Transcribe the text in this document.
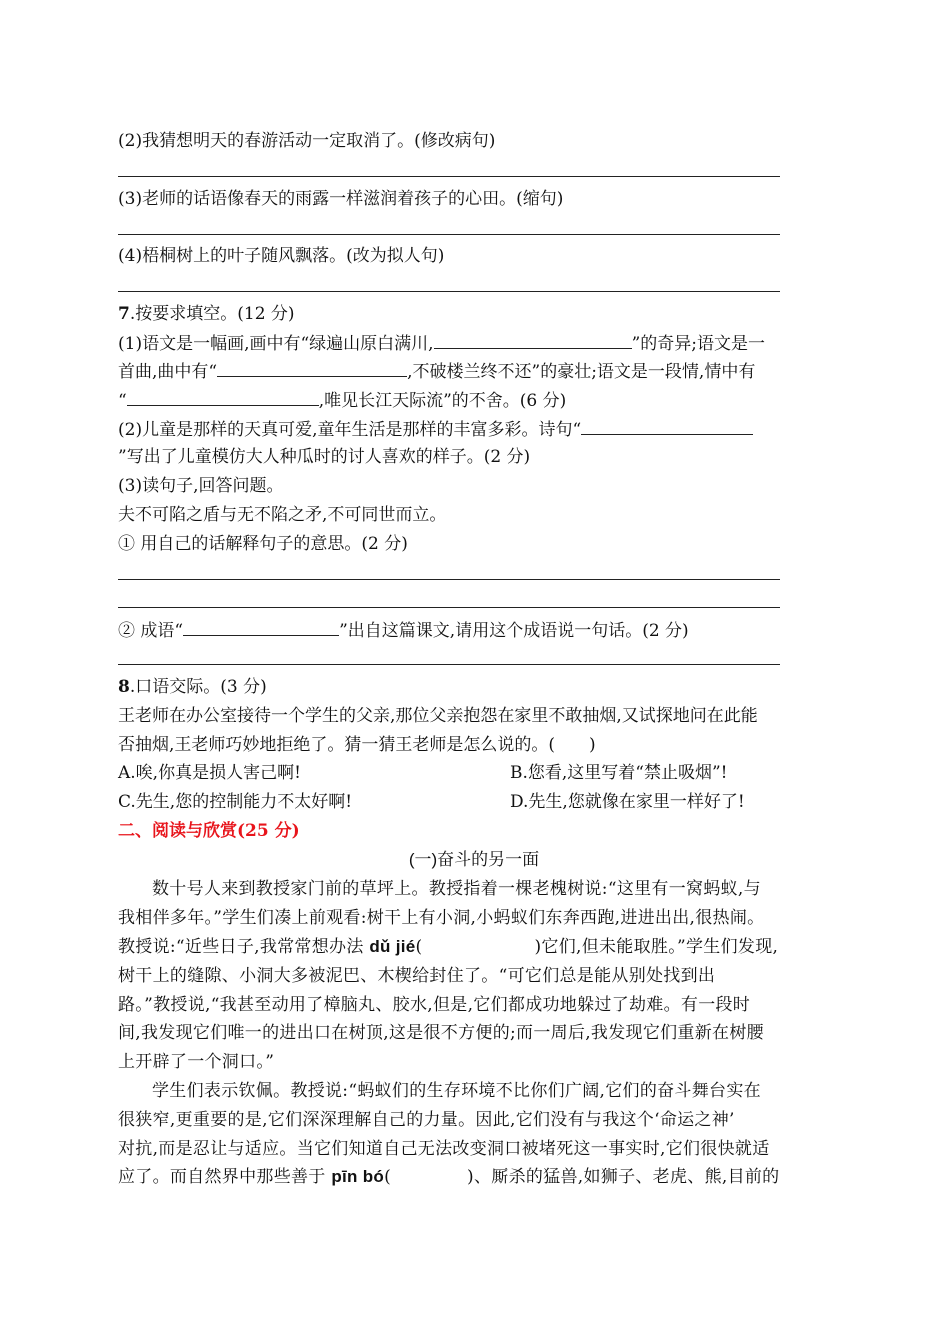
(2)我猜想明天的春游活动一定取消了。(修改病句)
(3)老师的话语像春天的雨露一样滋润着孩子的心田。(缩句)
(4)梧桐树上的叶子随风飘落。(改为拟人句)
7.按要求填空。(12 分)
(1)语文是一幅画,画中有“绿遍山原白满川,	”的奇异;语文是一
首曲,曲中有“	,不破楼兰终不还”的豪壮;语文是一段情,情中有
“	,唯见长江天际流”的不舍。(6 分)
(2)儿童是那样的天真可爱,童年生活是那样的丰富多彩。诗句“
”写出了儿童模仿大人种瓜时的讨人喜欢的样子。(2 分)
(3)读句子,回答问题。
夫不可陷之盾与无不陷之矛,不可同世而立。
① 用自己的话解释句子的意思。(2 分)
② 成语“	”出自这篇课文,请用这个成语说一句话。(2 分)
8.口语交际。(3 分)
王老师在办公室接待一个学生的父亲,那位父亲抱怨在家里不敢抽烟,又试探地问在此能
否抽烟,王老师巧妙地拒绝了。猜一猜王老师是怎么说的。(　　)
A.唉,你真是损人害己啊!	B.您看,这里写着“禁止吸烟”!
C.先生,您的控制能力不太好啊!	D.先生,您就像在家里一样好了!
二、阅读与欣赏(25 分)
(一)奋斗的另一面
数十号人来到教授家门前的草坪上。教授指着一棵老槐树说:“这里有一窝蚂蚁,与
我相伴多年。”学生们凑上前观看:树干上有小洞,小蚂蚁们东奔西跑,进进出出,很热闹。
教授说:“近些日子,我常常想办法 dǔ jié(	)它们,但未能取胜。”学生们发现,
树干上的缝隙、小洞大多被泥巴、木楔给封住了。“可它们总是能从别处找到出
路。”教授说,“我甚至动用了樟脑丸、胶水,但是,它们都成功地躲过了劫难。有一段时
间,我发现它们唯一的进出口在树顶,这是很不方便的;而一周后,我发现它们重新在树腰
上开辟了一个洞口。”
学生们表示钦佩。教授说:“蚂蚁们的生存环境不比你们广阔,它们的奋斗舞台实在
很狭窄,更重要的是,它们深深理解自己的力量。因此,它们没有与我这个‘命运之神’
对抗,而是忍让与适应。当它们知道自己无法改变洞口被堵死这一事实时,它们很快就适
应了。而自然界中那些善于 pīn bó(	)、厮杀的猛兽,如狮子、老虎、熊,目前的
